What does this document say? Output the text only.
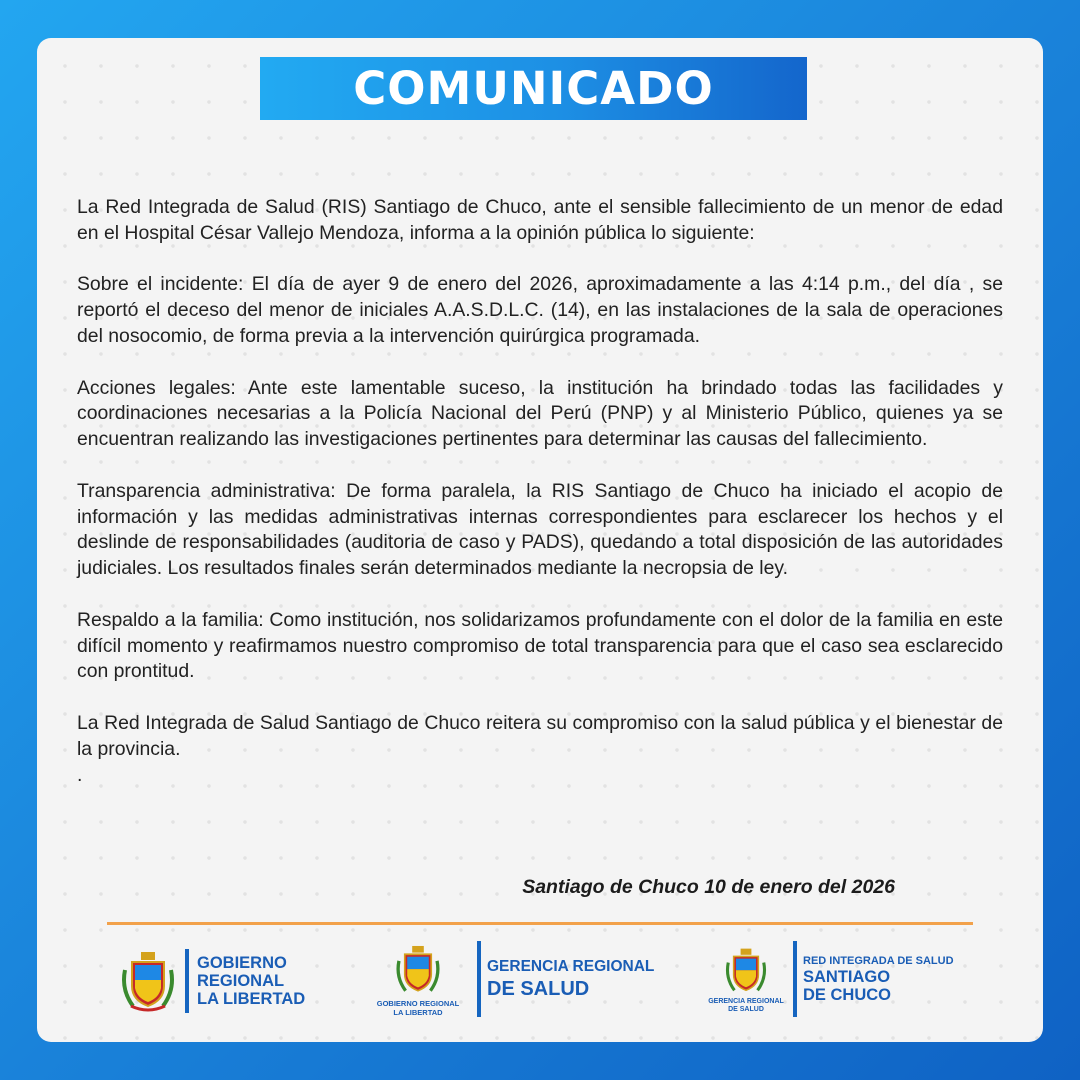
COMUNICADO

La Red Integrada de Salud (RIS) Santiago de Chuco, ante el sensible fallecimiento de un menor de edad en el Hospital César Vallejo Mendoza, informa a la opinión pública lo siguiente:

Sobre el incidente: El día de ayer 9 de enero del 2026, aproximadamente a las 4:14 p.m., del día , se reportó el deceso del menor de iniciales A.A.S.D.L.C. (14), en las instalaciones de la sala de operaciones del nosocomio, de forma previa a la intervención quirúrgica programada.

Acciones legales: Ante este lamentable suceso, la institución ha brindado todas las facilidades y coordinaciones necesarias a la Policía Nacional del Perú (PNP) y al Ministerio Público, quienes ya se encuentran realizando las investigaciones pertinentes para determinar las causas del fallecimiento.

Transparencia administrativa: De forma paralela, la RIS Santiago de Chuco ha iniciado el acopio de información y las medidas administrativas internas correspondientes para esclarecer los hechos y el deslinde de responsabilidades (auditoria de caso y PADS), quedando a total disposición de las autoridades judiciales. Los resultados finales serán determinados mediante la necropsia de ley.

Respaldo a la familia: Como institución, nos solidarizamos profundamente con el dolor de la familia en este difícil momento y reafirmamos nuestro compromiso de total transparencia para que el caso sea esclarecido con prontitud.

La Red Integrada de Salud Santiago de Chuco reitera su compromiso con la salud pública y el bienestar de la provincia.

.
Santiago de Chuco 10 de enero del 2026
GOBIERNO
REGIONAL
LA LIBERTAD	GOBIERNO REGIONAL
LA LIBERTAD
GERENCIA REGIONAL
DE SALUD
GERENCIA REGIONAL
DE SALUD
RED INTEGRADA DE SALUD
SANTIAGO
DE CHUCO
